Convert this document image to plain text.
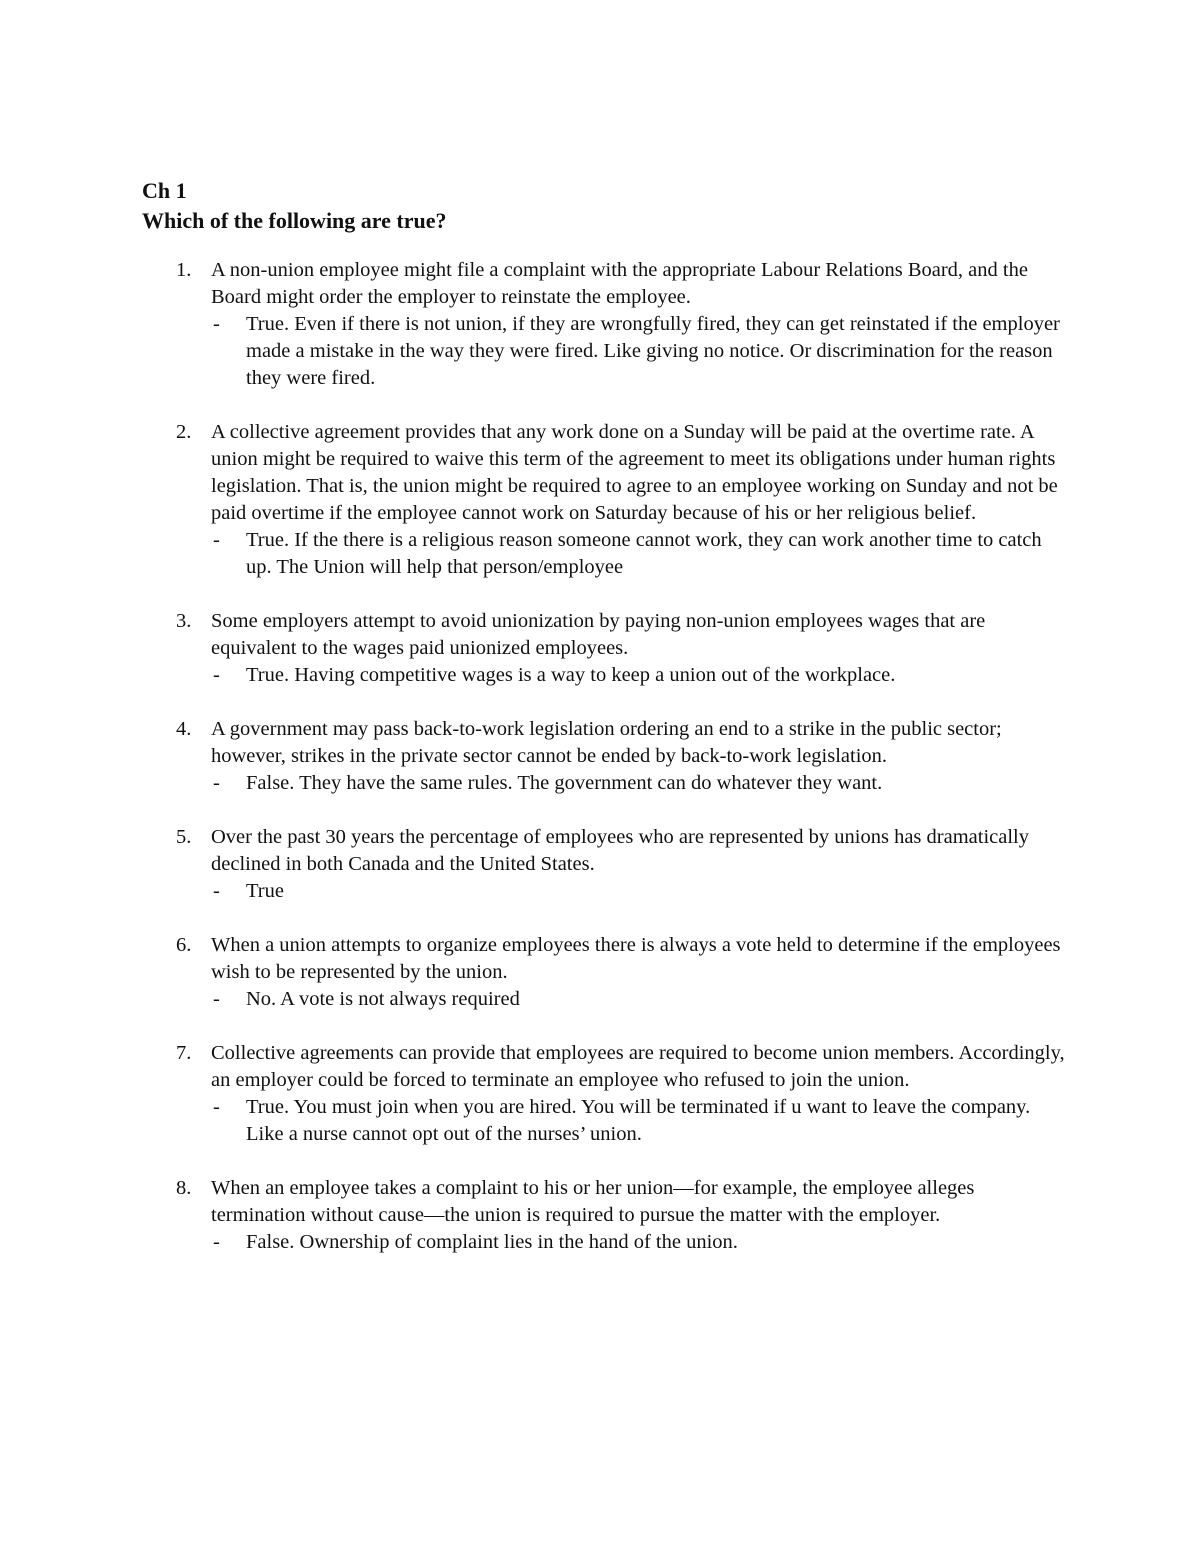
Ch 1
Which of the following are true?
1. A non-union employee might file a complaint with the appropriate Labour Relations Board, and the Board might order the employer to reinstate the employee.
- True. Even if there is not union, if they are wrongfully fired, they can get reinstated if the employer made a mistake in the way they were fired. Like giving no notice. Or discrimination for the reason they were fired.
2. A collective agreement provides that any work done on a Sunday will be paid at the overtime rate. A union might be required to waive this term of the agreement to meet its obligations under human rights legislation. That is, the union might be required to agree to an employee working on Sunday and not be paid overtime if the employee cannot work on Saturday because of his or her religious belief.
- True. If the there is a religious reason someone cannot work, they can work another time to catch up. The Union will help that person/employee
3. Some employers attempt to avoid unionization by paying non-union employees wages that are equivalent to the wages paid unionized employees.
- True. Having competitive wages is a way to keep a union out of the workplace.
4. A government may pass back-to-work legislation ordering an end to a strike in the public sector; however, strikes in the private sector cannot be ended by back-to-work legislation.
- False. They have the same rules. The government can do whatever they want.
5. Over the past 30 years the percentage of employees who are represented by unions has dramatically declined in both Canada and the United States.
- True
6. When a union attempts to organize employees there is always a vote held to determine if the employees wish to be represented by the union.
- No. A vote is not always required
7. Collective agreements can provide that employees are required to become union members. Accordingly, an employer could be forced to terminate an employee who refused to join the union.
- True. You must join when you are hired. You will be terminated if u want to leave the company. Like a nurse cannot opt out of the nurses’ union.
8. When an employee takes a complaint to his or her union—for example, the employee alleges termination without cause—the union is required to pursue the matter with the employer.
- False. Ownership of complaint lies in the hand of the union.
